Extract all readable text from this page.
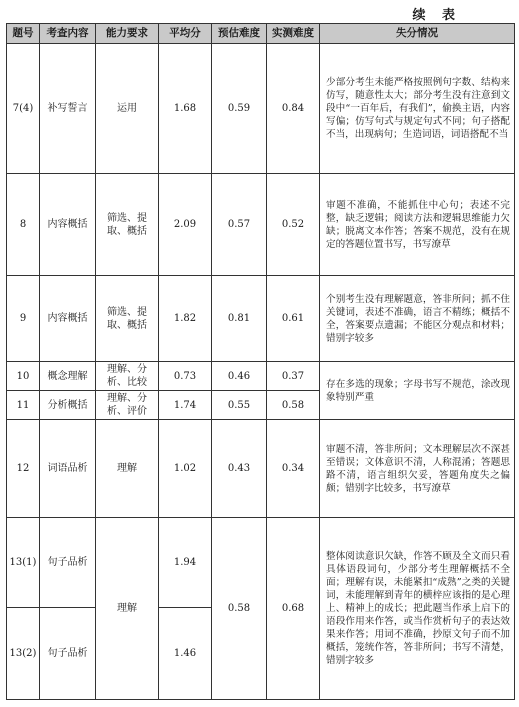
续 表
题号	考查内容	能力要求	平均分	预估难度	实测难度	失分情况
7(4)	补写誓言	运用	1.68	0.59	0.84	少部分考生未能严格按照例句字数、结构来仿写，随意性太大；部分考生没有注意到文段中“一百年后，有我们”，偷换主语，内容写偏；仿写句式与规定句式不同；句子搭配不当，出现病句；生造词语，词语搭配不当
8	内容概括	筛选、提取、概括	2.09	0.57	0.52	审题不准确，不能抓住中心句；表述不完整，缺乏逻辑；阅读方法和逻辑思维能力欠缺；脱离文本作答；答案不规范，没有在规定的答题位置书写，书写潦草
9	内容概括	筛选、提取、概括	1.82	0.81	0.61	个别考生没有理解题意，答非所问；抓不住关键词，表述不准确，语言不精练；概括不全，答案要点遗漏；不能区分观点和材料；错别字较多
10	概念理解	理解、分析、比较	0.73	0.46	0.37	存在多选的现象；字母书写不规范，涂改现象特别严重
11	分析概括	理解、分析、评价	1.74	0.55	0.58	
12	词语品析	理解	1.02	0.43	0.34	审题不清，答非所问；文本理解层次不深甚至错误；文体意识不清，人称混淆；答题思路不清，语言组织欠妥，答题角度失之偏颇；错别字比较多，书写潦草
13(1)	句子品析	理解	1.94	0.58	0.68	整体阅读意识欠缺，作答不顾及全文而只看具体语段词句，少部分考生理解概括不全面；理解有误，未能紧扣“成熟”之类的关键词，未能理解到青年的横梓应该指的是心理上、精神上的成长；把此题当作承上启下的语段作用来作答，或当作赏析句子的表达效果来作答；用词不准确，抄原文句子而不加概括，笼统作答，答非所问；书写不清楚，错别字较多
13(2)	句子品析		1.46			
